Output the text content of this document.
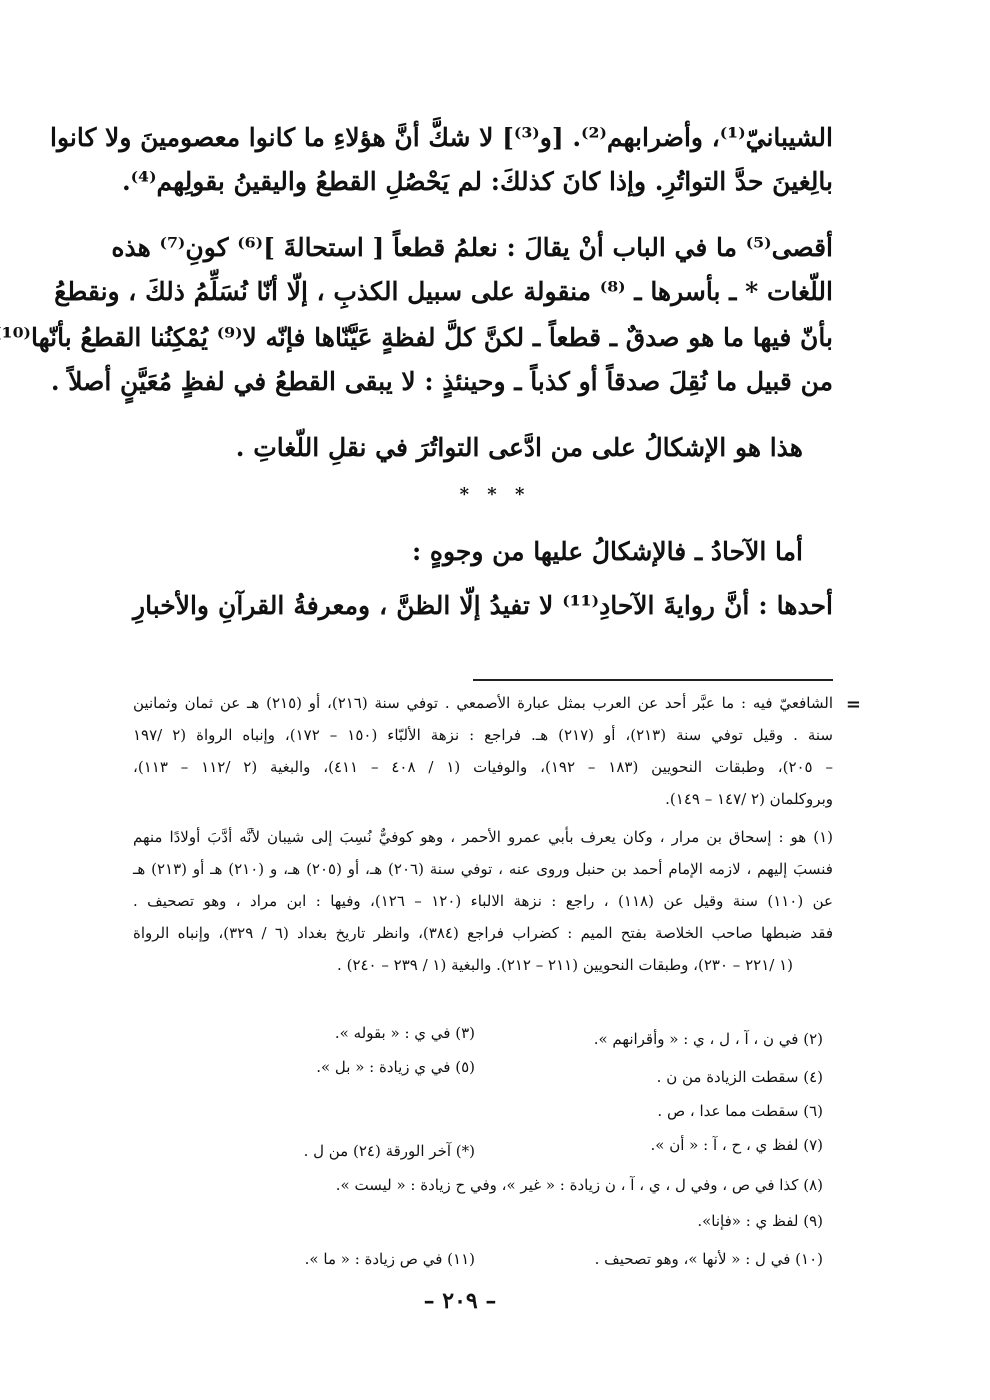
الشيبانيّ⁽¹⁾، وأضرابهم⁽²⁾. [و⁽³⁾] لا شكَّ أنَّ هؤلاءِ ما كانوا معصومينَ ولا كانوا
بالِغينَ حدَّ التواتُرِ. وإذا كانَ كذلكَ: لم يَحْصُلِ القطعُ واليقينُ بقولِهم⁽⁴⁾.
أقصى⁽⁵⁾ ما في الباب أنْ يقالَ : نعلمُ قطعاً [ استحالةَ ]⁽⁶⁾ كونِ⁽⁷⁾ هذه
اللّغات * ـ بأسرها ـ ⁽⁸⁾ منقولة على سبيل الكذبِ ، إلّا أنّا نُسَلِّمُ ذلكَ ، ونقطعُ
بأنّ فيها ما هو صدقٌ ـ قطعاً ـ لكنَّ كلَّ لفظةٍ عَيَّنّاها فإنّه لا⁽⁹⁾ يُمْكِنُنا القطعُ بأنّها⁽¹⁰
من قبيل ما نُقِلَ صدقاً أو كذباً ـ وحينئذٍ : لا يبقى القطعُ في لفظٍ مُعَيَّنٍ أصلاً .
هذا هو الإشكالُ على من ادَّعى التواتُرَ في نقلِ اللّغاتِ .
* * *
أما الآحادُ ـ فالإشكالُ عليها من وجوهٍ :
أحدها : أنَّ روايةَ الآحادِ⁽¹¹⁾ لا تفيدُ إلّا الظنَّ ، ومعرفةُ القرآنِ والأخبارِ
=
الشافعيّ فيه : ما عبَّر أحد عن العرب بمثل عبارة الأصمعي . توفي سنة (٢١٦)، أو (٢١٥) هـ عن ثمان وثمانين
سنة . وقيل توفي سنة (٢١٣)، أو (٢١٧) هـ. فراجع : نزهة الألبّاء (١٥٠ – ١٧٢)، وإنباه الرواة (٢ /١٩٧
– ٢٠٥)، وطبقات النحويين (١٨٣ – ١٩٢)، والوفيات (١ / ٤٠٨ – ٤١١)، والبغية (٢ /١١٢ – ١١٣)،
وبروكلمان (٢ /١٤٧ – ١٤٩).
(١) هو : إسحاق بن مرار ، وكان يعرف بأبي عمرو الأحمر ، وهو كوفيٌّ نُسِبَ إلى شيبان لأنَّه أدَّبَ أولادًا منهم
فنسبَ إليهم ، لازمه الإمام أحمد بن حنبل وروى عنه ، توفي سنة (٢٠٦) هـ، أو (٢٠٥) هـ، و (٢١٠) هـ أو (٢١٣) هـ
عن (١١٠) سنة وقيل عن (١١٨) ، راجع : نزهة الالباء (١٢٠ – ١٢٦)، وفيها : ابن مراد ، وهو تصحيف .
فقد ضبطها صاحب الخلاصة بفتح الميم : كضراب فراجع (٣٨٤)، وانظر تاريخ بغداد (٦ / ٣٢٩)، وإنباه الرواة
(١ /٢٢١ – ٢٣٠)، وطبقات النحويين (٢١١ – ٢١٢). والبغية (١ / ٢٣٩ – ٢٤٠) .
(٢) في ن ، آ ، ل ، ي : « وأقرانهم ».
(٣) في ي : « بقوله ».
(٤) سقطت الزيادة من ن .
(٥) في ي زيادة : « بل ».
(٦) سقطت مما عدا ، ص .
(٧) لفظ ي ، ح ، آ : « أن ».
(*) آخر الورقة (٢٤) من ل .
(٨) كذا في ص ، وفي ل ، ي ، آ ، ن زيادة : « غير »، وفي ح زيادة : « ليست ».
(٩) لفظ ي : «فإنا».
(١٠) في ل : « لأنها »، وهو تصحيف .
(١١) في ص زيادة : « ما ».
– ٢٠٩ –
